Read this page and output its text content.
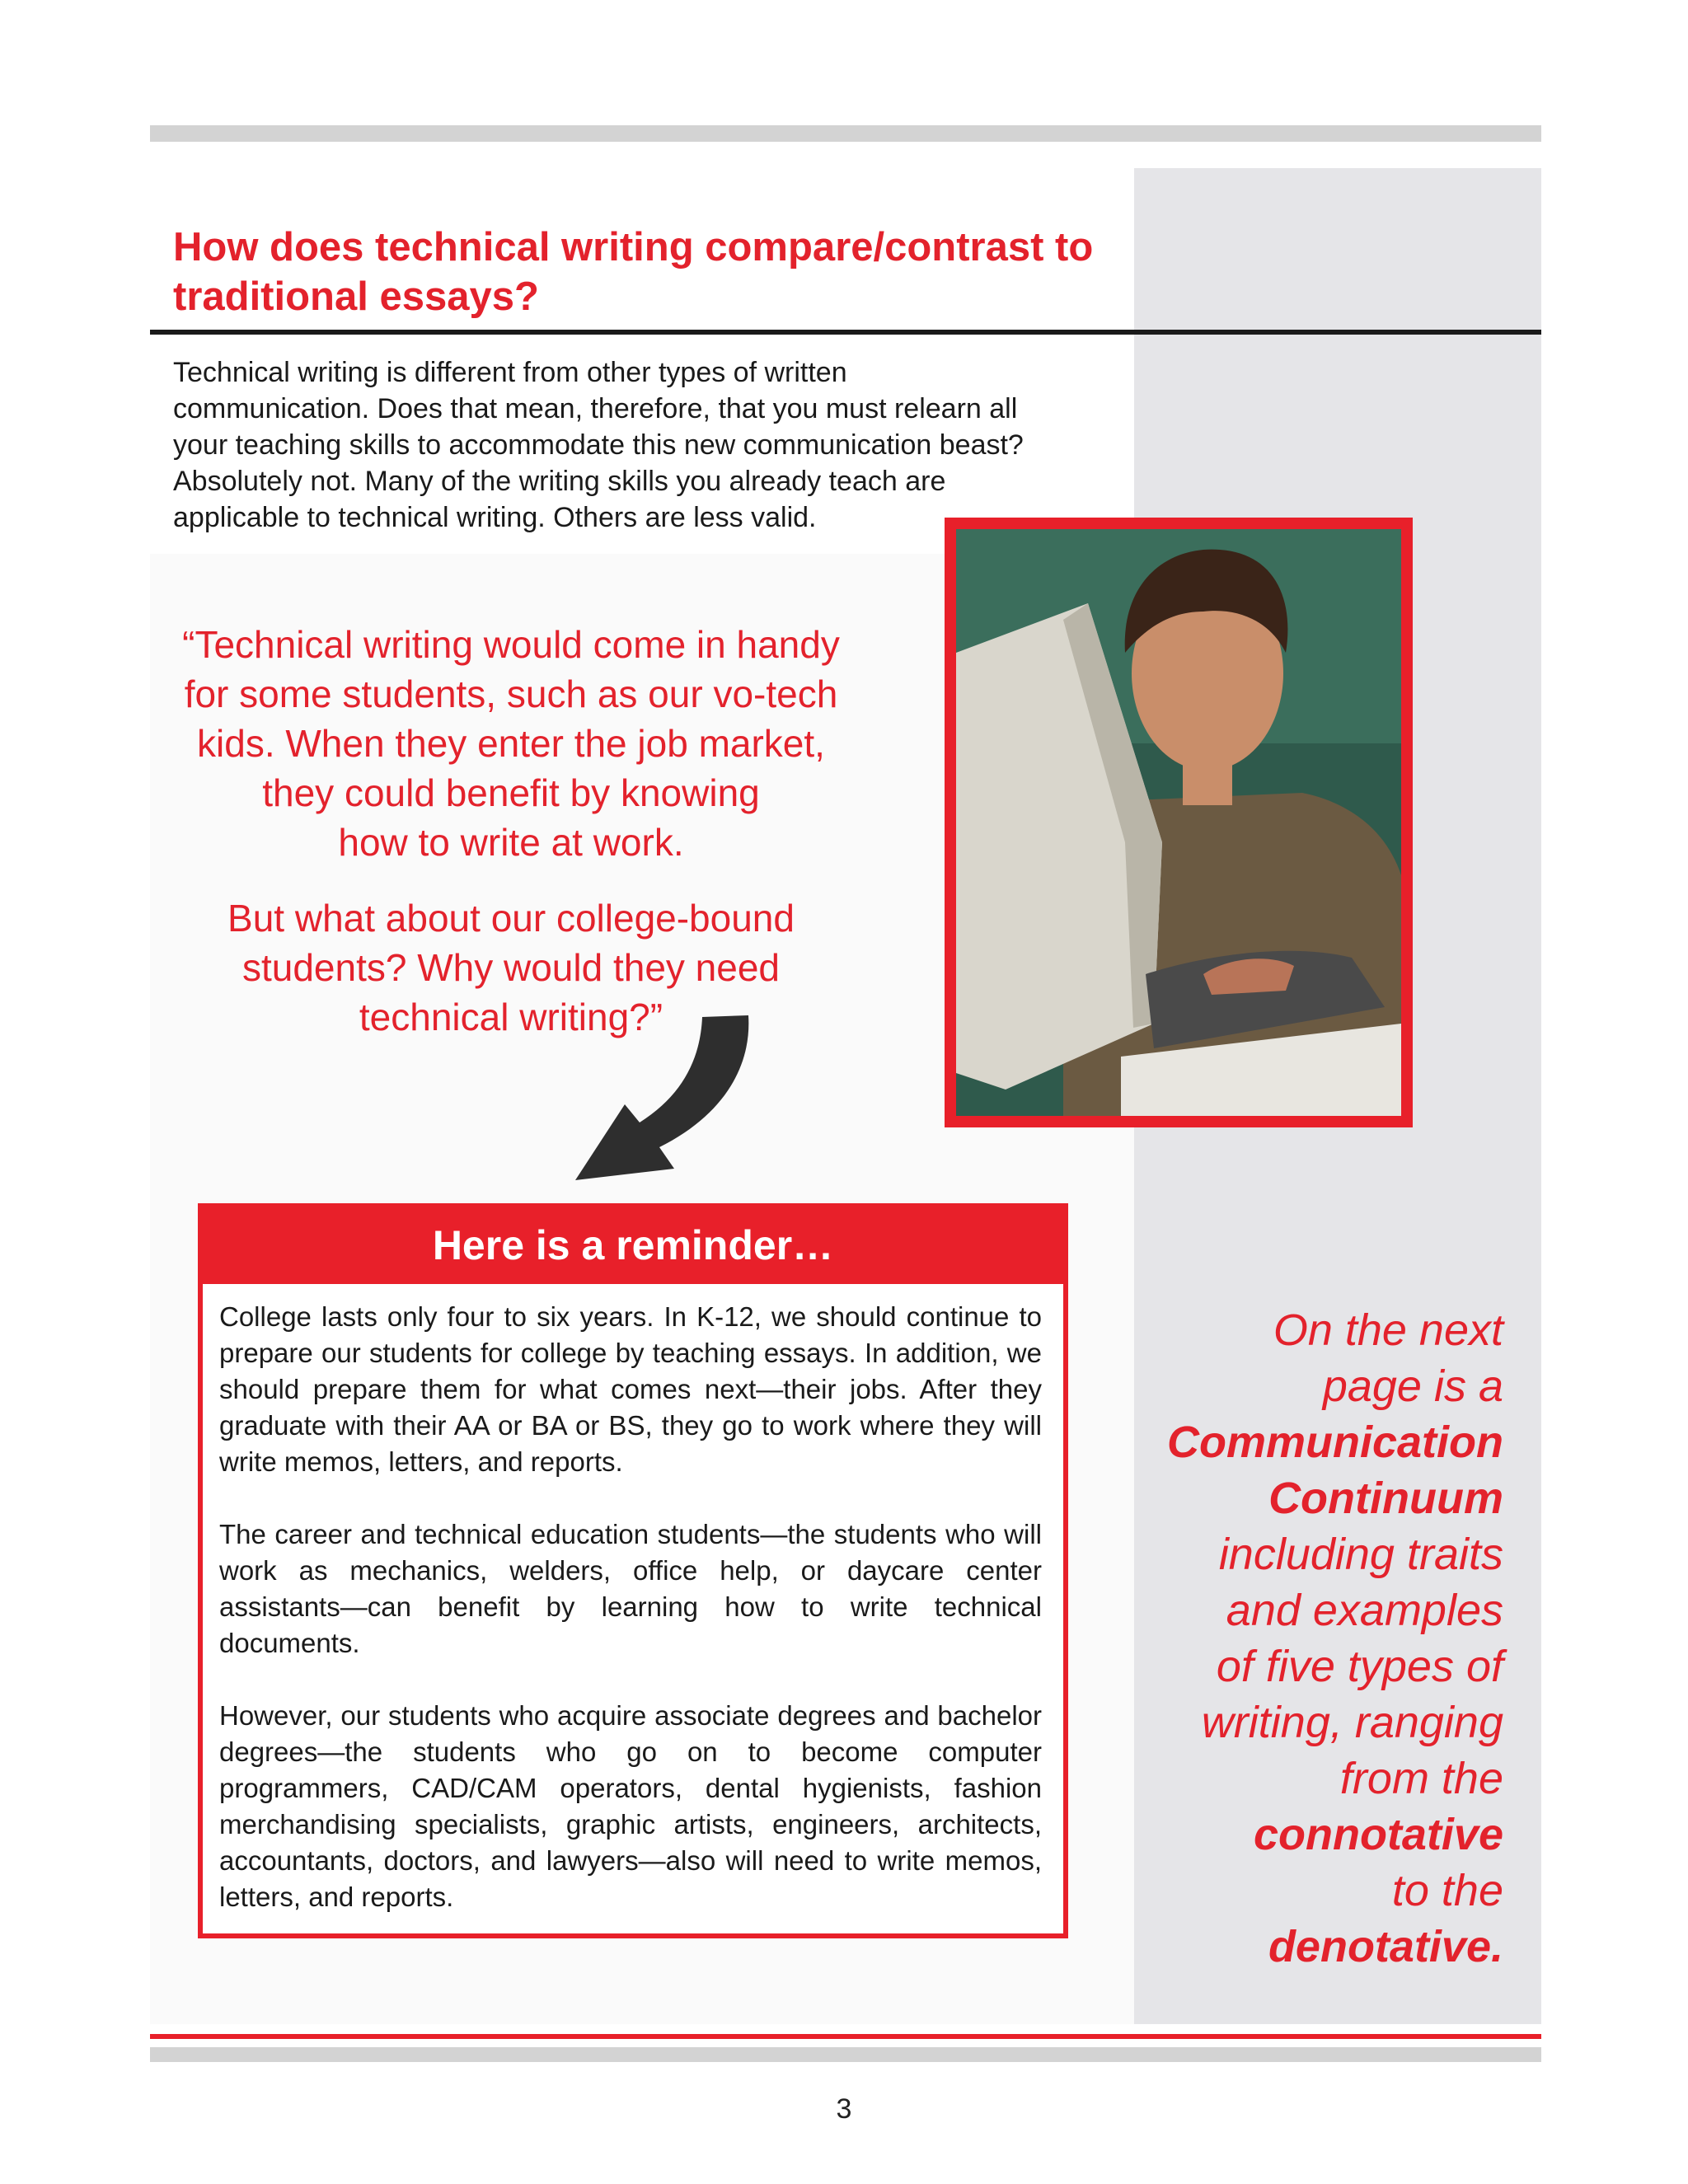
How does technical writing compare/contrast to traditional essays?
Technical writing is different from other types of written
communication. Does that mean, therefore, that you must relearn all
your teaching skills to accommodate this new communication beast?
Absolutely not. Many of the writing skills you already teach are
applicable to technical writing. Others are less valid.

“Technical writing would come in handy
for some students, such as our vo-tech
kids. When they enter the job market,
they could benefit by knowing
how to write at work.

But what about our college-bound
students? Why would they need
technical writing?”

Here is a reminder…

College lasts only four to six years. In K-12, we should continue to prepare our students for college by teaching essays. In addition, we should prepare them for what comes next—their jobs. After they graduate with their AA or BA or BS, they go to work where they will write memos, letters, and reports.

The career and technical education students—the students who will work as mechanics, welders, office help, or daycare center assistants—can benefit by learning how to write technical documents.

However, our students who acquire associate degrees and bachelor degrees—the students who go on to become computer programmers, CAD/CAM operators, dental hygienists, fashion merchandising specialists, graphic artists, engineers, architects, accountants, doctors, and lawyers—also will need to write memos, letters, and reports.

On the next
page is a
Communication
Continuum
including traits
and examples
of five types of
writing, ranging
from the
connotative
to the
denotative.
3
